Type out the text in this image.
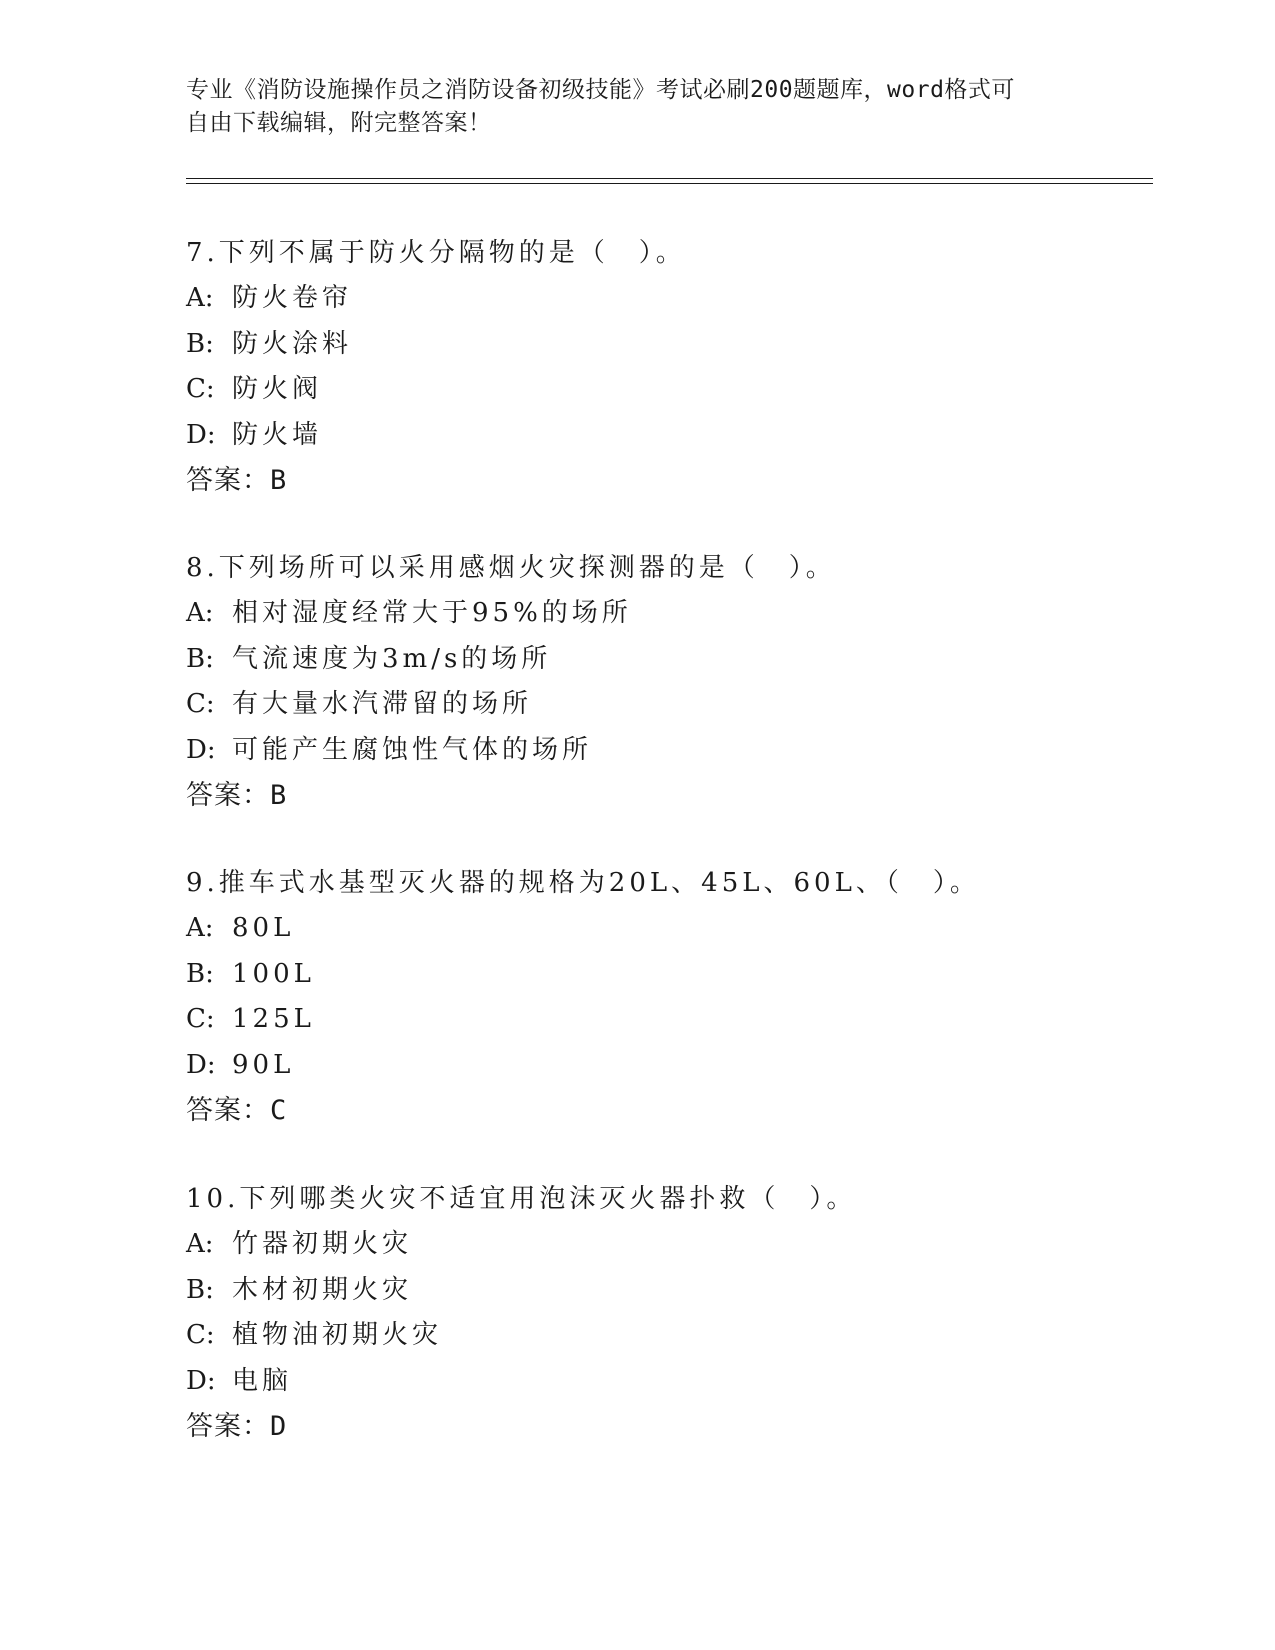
专业《消防设施操作员之消防设备初级技能》考试必刷200题题库，word格式可
自由下载编辑，附完整答案！
7.下列不属于防火分隔物的是（　）。
A: 防火卷帘
B: 防火涂料
C: 防火阀
D: 防火墙
答案：B
8.下列场所可以采用感烟火灾探测器的是（　）。
A: 相对湿度经常大于95%的场所
B: 气流速度为3m/s的场所
C: 有大量水汽滞留的场所
D: 可能产生腐蚀性气体的场所
答案：B
9.推车式水基型灭火器的规格为20L、45L、60L、（　）。
A: 80L
B: 100L
C: 125L
D: 90L
答案：C
10.下列哪类火灾不适宜用泡沫灭火器扑救（　）。
A: 竹器初期火灾
B: 木材初期火灾
C: 植物油初期火灾
D: 电脑
答案：D
